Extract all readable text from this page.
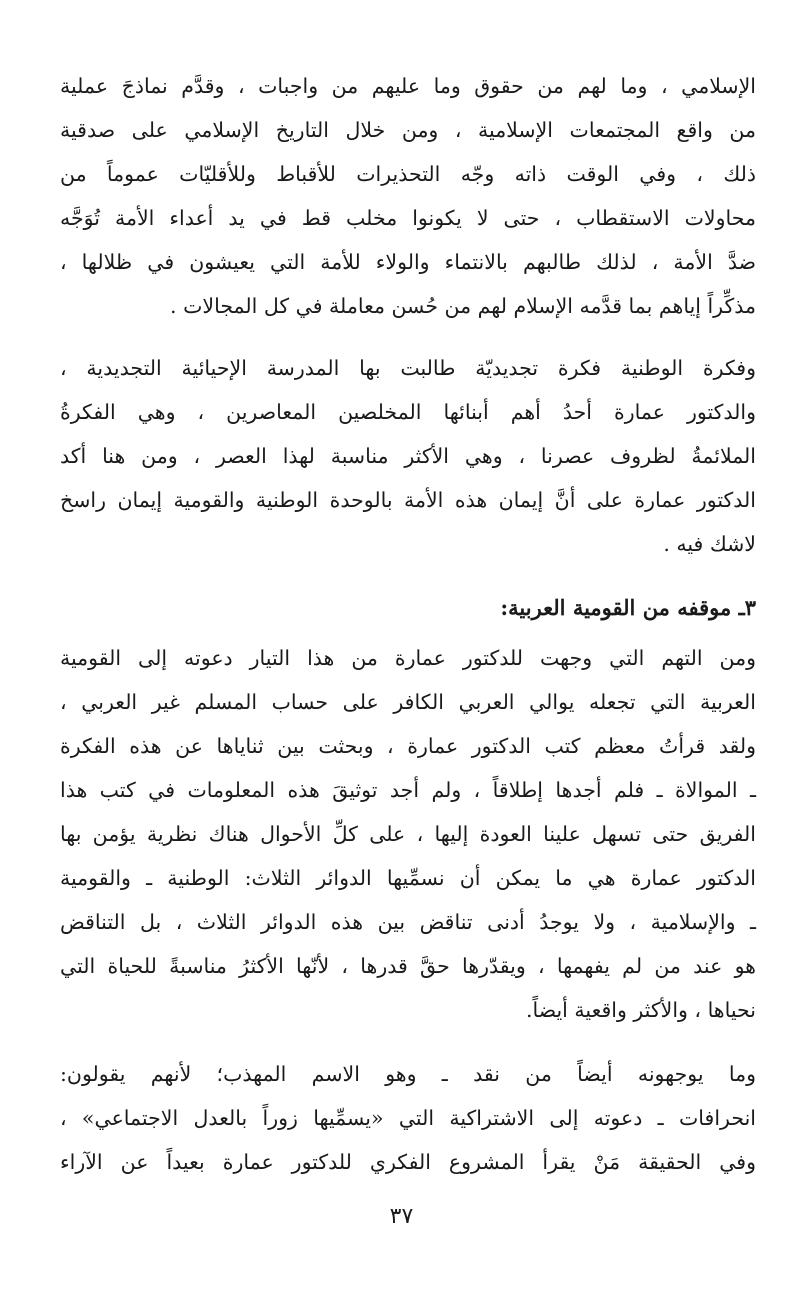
الإسلامي ، وما لهم من حقوق وما عليهم من واجبات ، وقدَّم نماذجَ عملية
من واقع المجتمعات الإسلامية ، ومن خلال التاريخ الإسلامي على صدقية
ذلك ، وفي الوقت ذاته وجّه التحذيرات للأقباط وللأقليّات عموماً من
محاولات الاستقطاب ، حتى لا يكونوا مخلب قط في يد أعداء الأمة تُوَجَّه
ضدَّ الأمة ، لذلك طالبهم بالانتماء والولاء للأمة التي يعيشون في ظلالها ،
مذكِّراً إياهم بما قدَّمه الإسلام لهم من حُسن معاملة في كل المجالات .
وفكرة الوطنية فكرة تجديديّة طالبت بها المدرسة الإحيائية التجديدية ،
والدكتور عمارة أحدُ أهم أبنائها المخلصين المعاصرين ، وهي الفكرةُ
الملائمةُ لظروف عصرنا ، وهي الأكثر مناسبة لهذا العصر ، ومن هنا أكد
الدكتور عمارة على أنَّ إيمان هذه الأمة بالوحدة الوطنية والقومية إيمان راسخ
لاشك فيه .
٣ـ موقفه من القومية العربية:
ومن التهم التي وجهت للدكتور عمارة من هذا التيار دعوته إلى القومية
العربية التي تجعله يوالي العربي الكافر على حساب المسلم غير العربي ،
ولقد قرأتُ معظم كتب الدكتور عمارة ، وبحثت بين ثناياها عن هذه الفكرة
ـ الموالاة ـ فلم أجدها إطلاقاً ، ولم أجد توثيقَ هذه المعلومات في كتب هذا
الفريق حتى تسهل علينا العودة إليها ، على كلِّ الأحوال هناك نظرية يؤمن بها
الدكتور عمارة هي ما يمكن أن نسمِّيها الدوائر الثلاث: الوطنية ـ والقومية
ـ والإسلامية ، ولا يوجدُ أدنى تناقض بين هذه الدوائر الثلاث ، بل التناقض
هو عند من لم يفهمها ، ويقدّرها حقَّ قدرها ، لأنّها الأكثرُ مناسبةً للحياة التي
نحياها ، والأكثر واقعية أيضاً.
وما يوجهونه أيضاً من نقد ـ وهو الاسم المهذب؛ لأنهم يقولون:
انحرافات ـ دعوته إلى الاشتراكية التي «يسمِّيها زوراً بالعدل الاجتماعي» ،
وفي الحقيقة مَنْ يقرأ المشروع الفكري للدكتور عمارة بعيداً عن الآراء
٣٧
